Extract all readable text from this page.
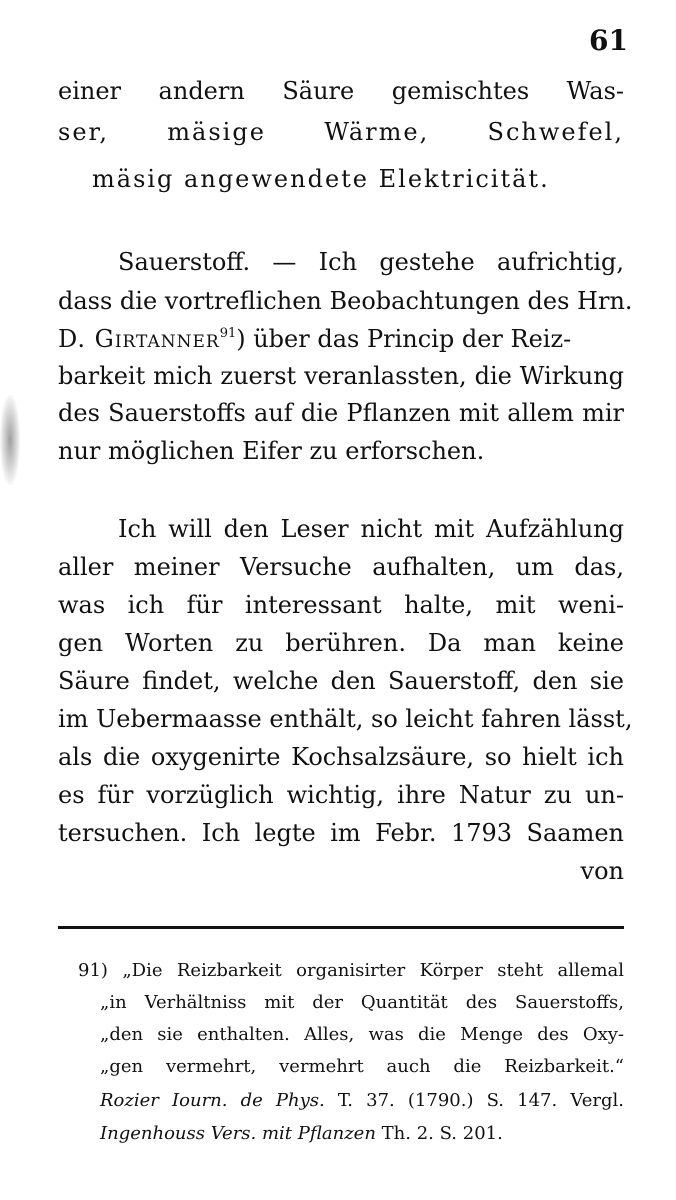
61
einer andern Säure gemischtes Was-
ser, mäsige Wärme, Schwefel,
mäsig angewendete Elektricität.
Sauerstoff. — Ich gestehe aufrichtig,
dass die vortreflichen Beobachtungen des Hrn.
D. Girtanner$^{91}$) über das Princip der Reiz-
barkeit mich zuerst veranlassten, die Wirkung
des Sauerstoffs auf die Pflanzen mit allem mir
nur möglichen Eifer zu erforschen.
Ich will den Leser nicht mit Aufzählung
aller meiner Versuche aufhalten, um das,
was ich für interessant halte, mit weni-
gen Worten zu berühren. Da man keine
Säure findet, welche den Sauerstoff, den sie
im Uebermaasse enthält, so leicht fahren lässt,
als die oxygenirte Kochsalzsäure, so hielt ich
es für vorzüglich wichtig, ihre Natur zu un-
tersuchen. Ich legte im Febr. 1793 Saamen
von
91) „Die Reizbarkeit organisirter Körper steht allemal
„in Verhältniss mit der Quantität des Sauerstoffs,
„den sie enthalten. Alles, was die Menge des Oxy-
„gen vermehrt, vermehrt auch die Reizbarkeit.“
Rozier Iourn. de Phys. T. 37. (1790.) S. 147. Vergl.
Ingenhouss Vers. mit Pflanzen Th. 2. S. 201.
